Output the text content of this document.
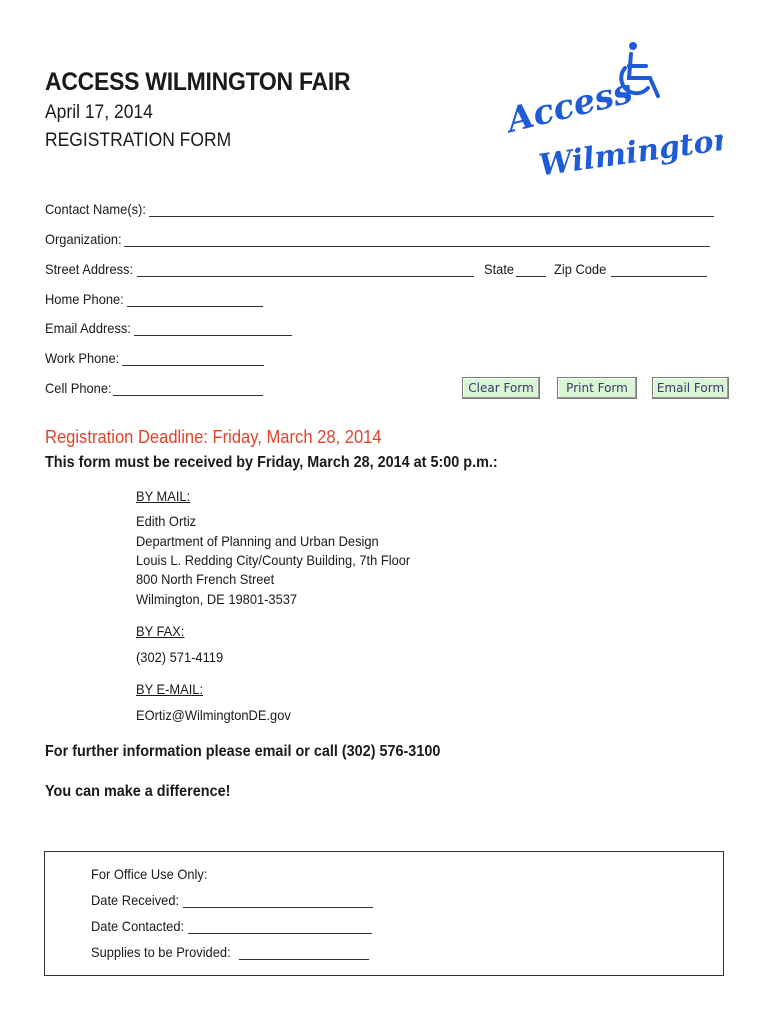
ACCESS WILMINGTON FAIR
April 17, 2014
REGISTRATION FORM	Access
Wilmington
Contact Name(s):
Organization:
Street Address:	State	Zip Code
Home Phone:
Email Address:
Work Phone:
Cell Phone:	Clear Form	Print Form	Email Form
Registration Deadline: Friday, March 28, 2014
This form must be received by Friday, March 28, 2014 at 5:00 p.m.:
BY MAIL:
Edith Ortiz
Department of Planning and Urban Design
Louis L. Redding City/County Building, 7th Floor
800 North French Street
Wilmington, DE 19801-3537
BY FAX:
(302) 571-4119
BY E-MAIL:
EOrtiz@WilmingtonDE.gov
For further information please email or call (302) 576-3100
You can make a difference!
For Office Use Only:
Date Received:
Date Contacted:
Supplies to be Provided:
